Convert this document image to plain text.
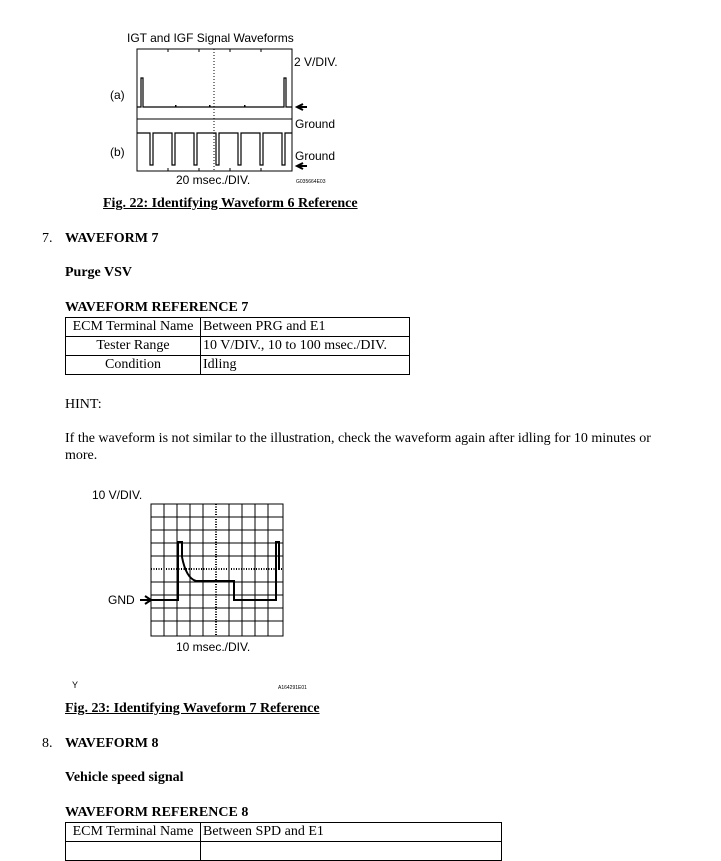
IGT and IGF Signal Waveforms
2 V/DIV.
(a)
(b)
Ground
Ground
20 msec./DIV.	G035664E03
Fig. 22: Identifying Waveform 6 Reference
7. WAVEFORM 7
Purge VSV
WAVEFORM REFERENCE 7
ECM Terminal Name	Between PRG and E1
Tester Range	10 V/DIV., 10 to 100 msec./DIV.
Condition	Idling
HINT:
If the waveform is not similar to the illustration, check the waveform again after idling for 10 minutes or
more.
10 V/DIV.
GND
10 msec./DIV.
Y	A164291E01
Fig. 23: Identifying Waveform 7 Reference
8. WAVEFORM 8
Vehicle speed signal
WAVEFORM REFERENCE 8
ECM Terminal Name	Between SPD and E1
